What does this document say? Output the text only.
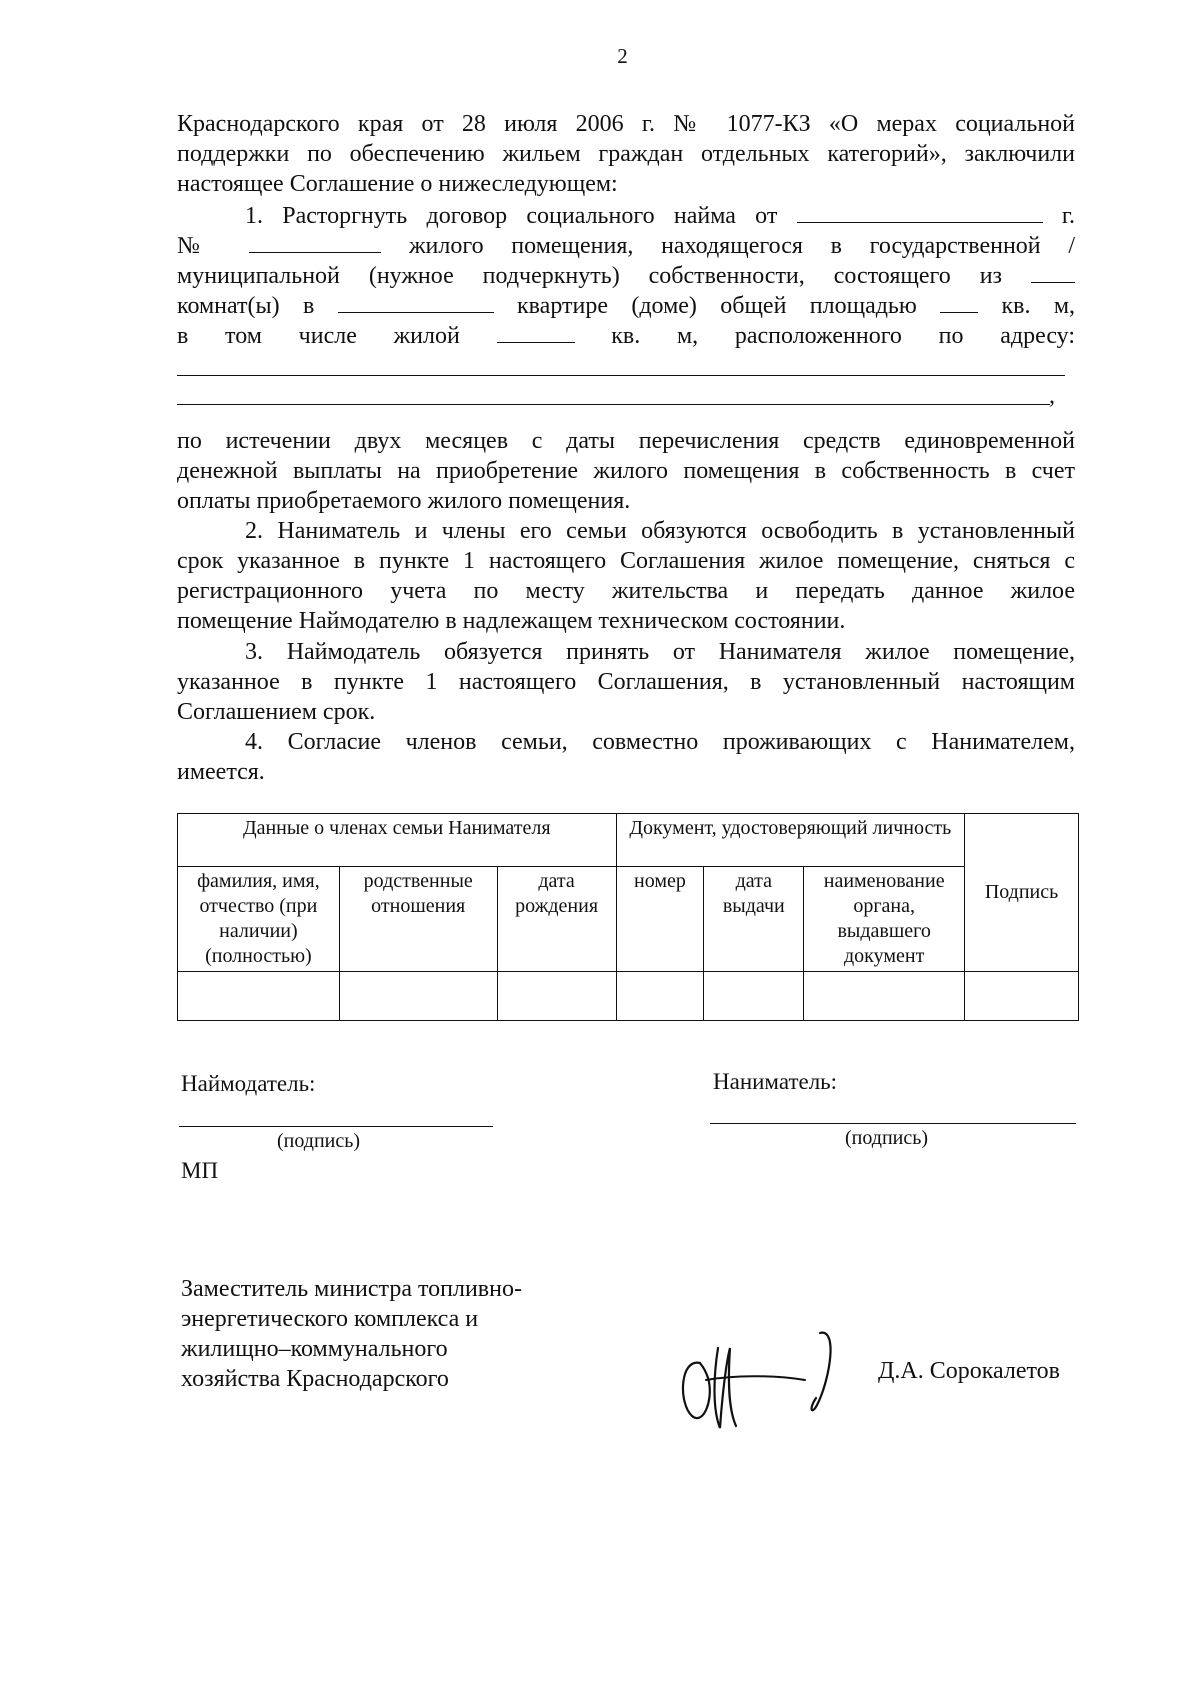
2
Краснодарского края от 28 июля 2006 г. № 1077-КЗ «О мерах социальной
поддержки по обеспечению жильем граждан отдельных категорий», заключили
настоящее Соглашение о нижеследующем:
1. Расторгнуть договор социального найма от	г.
№	жилого помещения, находящегося в государственной /
муниципальной (нужное подчеркнуть) собственности, состоящего из
комнат(ы) в	квартире (доме) общей площадью	кв. м,
в том числе жилой	кв. м, расположенного по адресу:
,
по истечении двух месяцев с даты перечисления средств единовременной
денежной выплаты на приобретение жилого помещения в собственность в счет
оплаты приобретаемого жилого помещения.
2. Наниматель и члены его семьи обязуются освободить в установленный
срок указанное в пункте 1 настоящего Соглашения жилое помещение, сняться с
регистрационного учета по месту жительства и передать данное жилое
помещение Наймодателю в надлежащем техническом состоянии.
3. Наймодатель обязуется принять от Нанимателя жилое помещение,
указанное в пункте 1 настоящего Соглашения, в установленный настоящим
Соглашением срок.
4. Согласие членов семьи, совместно проживающих с Нанимателем,
имеется.
Данные о членах семьи Нанимателя			Документ, удостоверяющий личность			Подпись
фамилия, имя, отчество (при наличии) (полностью)	родственные отношения	дата рождения	номер	дата выдачи	наименование органа, выдавшего документ	

Наймодатель:
(подпись)
МП
Наниматель:
(подпись)
Заместитель министра топливно-
энергетического комплекса и
жилищно–коммунального
хозяйства Краснодарского	Д.А. Сорокалетов
